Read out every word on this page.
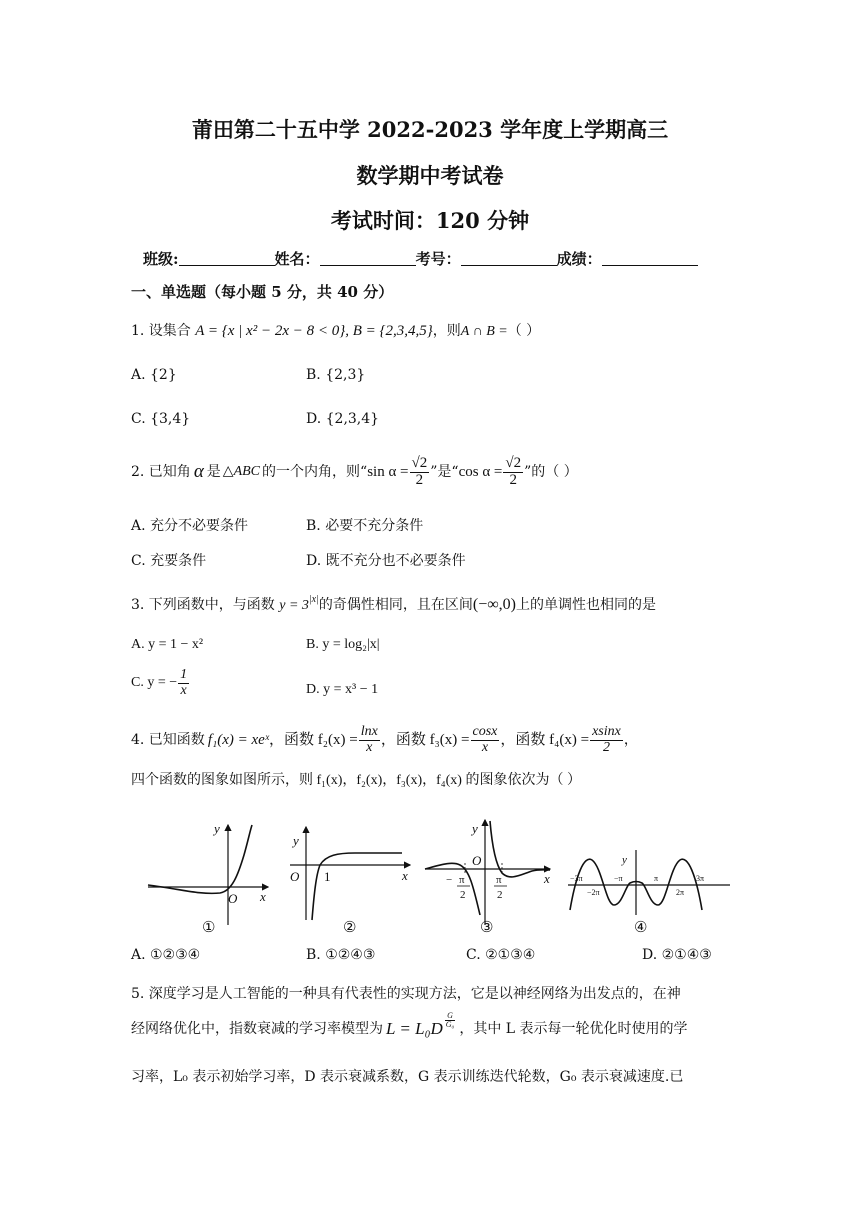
莆田第二十五中学 2022-2023 学年度上学期高三
数学期中考试卷
考试时间：120 分钟
班级:	姓名：	考号：	成绩：
一、单选题（每小题 5 分，共 40 分）
1. 设集合 A = {x | x² − 2x − 8 < 0}, B = {2,3,4,5}，则A ∩ B =（ ）
A. {2}	B. {2,3}
C. {3,4}	D. {2,3,4}
2. 已知角 α 是 △ABC 的一个内角，则“ $\sin \alpha = \frac{√2}{2}$ ”是“ $\cos \alpha = \frac{√2}{2}$ ”的（ ）
A. 充分不必要条件	B. 必要不充分条件
C. 充要条件	D. 既不充分也不必要条件
3. 下列函数中，与函数 $y = 3^{|x|}$的奇偶性相同，且在区间(−∞,0)上的单调性也相同的是
A. y = 1 − x²	B. y = log₂|x|
C. y = − $\frac{1}{x}$	D. y = x³ − 1
4. 已知函数 f₁(x) = xeˣ ，函数 $f_2(x) = \frac{\ln x}{x}$ ，函数 $f_3(x) = \frac{\cos x}{x}$ ，函数 $f_4(x) = \frac{xsinx}{2}$ ，
四个函数的图象如图所示，则 f₁(x)，f₂(x)，f₃(x)，f₄(x) 的图象依次为（ ）
y
x
O
y
x
O
y
x
O	y
1	− π
2
π
2
−3π
−2π
−π	π
2π
3π
①	②	③	④
A. ①②③④	B. ①②④③	C. ②①③④	D. ②①④③
5. 深度学习是人工智能的一种具有代表性的实现方法，它是以神经网络为出发点的，在神
经网络优化中，指数衰减的学习率模型为 $L = L_0D \frac{G}{\text{G₀}}$ ，其中 L 表示每一轮优化时使用的学
习率，L₀ 表示初始学习率，D 表示衰减系数，G 表示训练迭代轮数，G₀ 表示衰减速度.已
